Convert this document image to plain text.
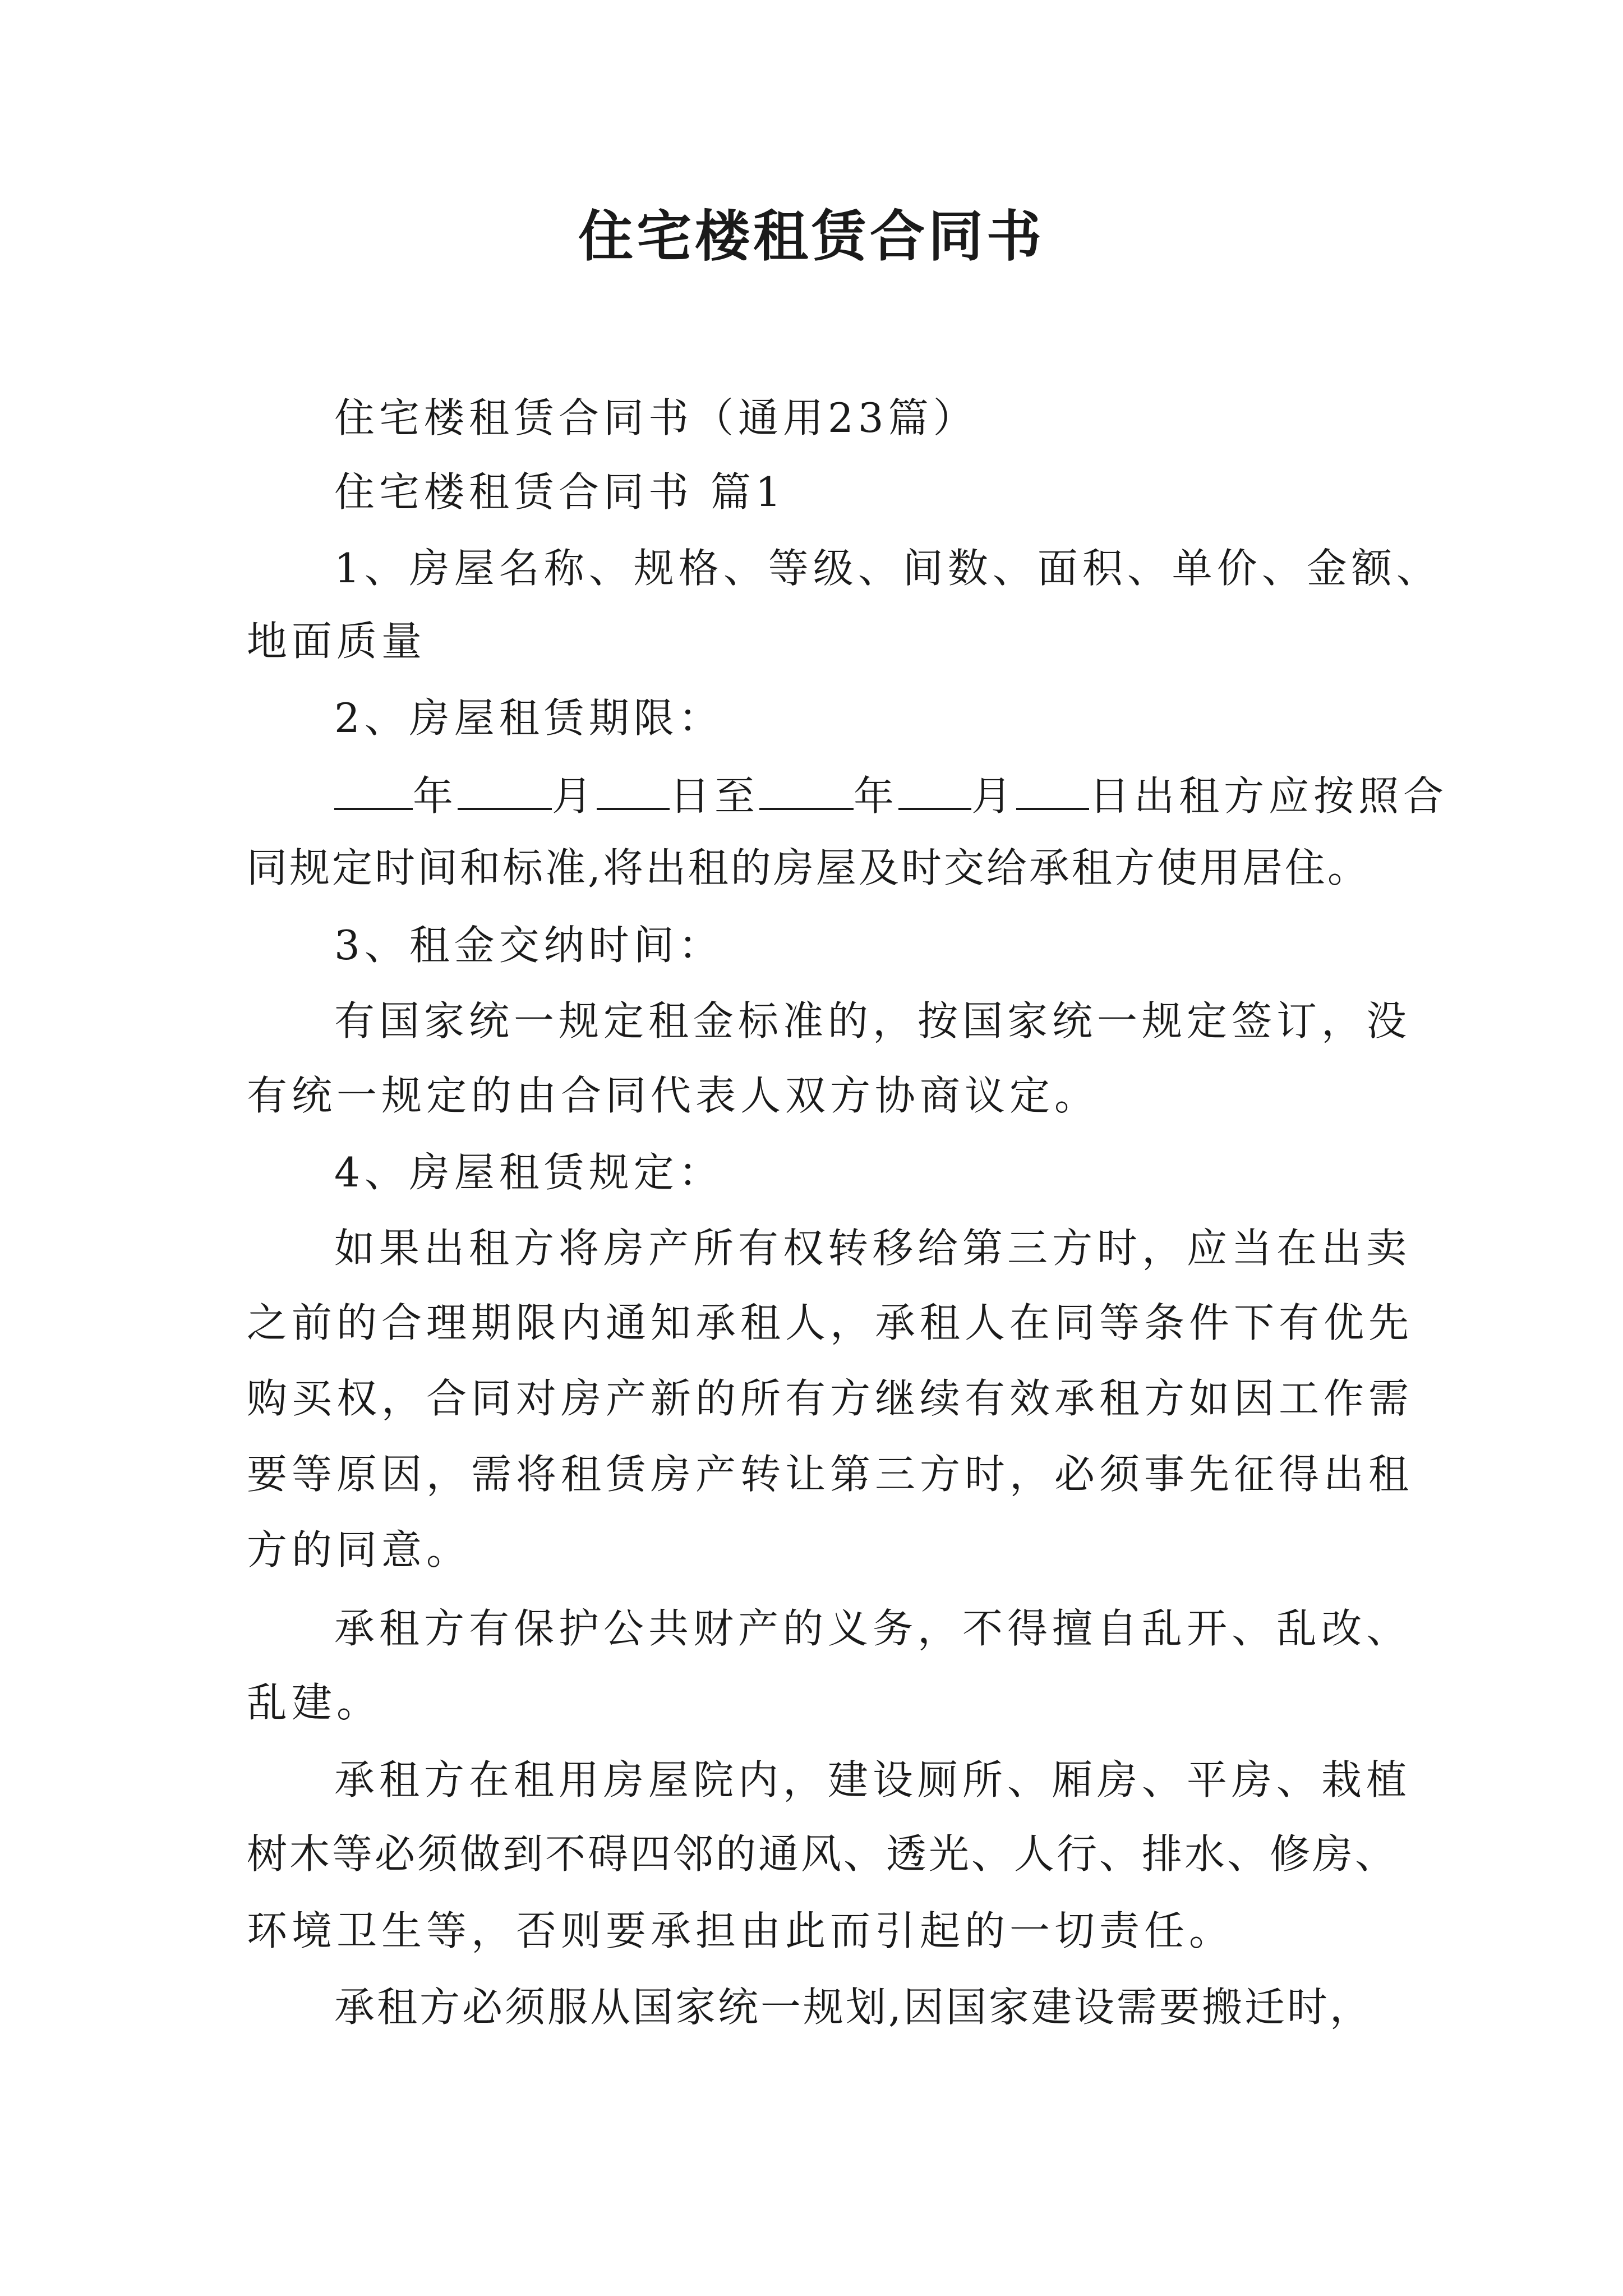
住宅楼租赁合同书
住宅楼租赁合同书（通用23篇）
住宅楼租赁合同书 篇1
1、房屋名称、规格、等级、间数、面积、单价、金额、
地面质量
2、房屋租赁期限：
年 月 日至 年 月 日出租方应按照合
同规定时间和标准,将出租的房屋及时交给承租方使用居住。
3、租金交纳时间：
有国家统一规定租金标准的，按国家统一规定签订，没
有统一规定的由合同代表人双方协商议定。
4、房屋租赁规定：
如果出租方将房产所有权转移给第三方时，应当在出卖
之前的合理期限内通知承租人，承租人在同等条件下有优先
购买权，合同对房产新的所有方继续有效承租方如因工作需
要等原因，需将租赁房产转让第三方时，必须事先征得出租
方的同意。
承租方有保护公共财产的义务，不得擅自乱开、乱改、
乱建。
承租方在租用房屋院内，建设厕所、厢房、平房、栽植
树木等必须做到不碍四邻的通风、透光、人行、排水、修房、
环境卫生等，否则要承担由此而引起的一切责任。
承租方必须服从国家统一规划,因国家建设需要搬迁时，
